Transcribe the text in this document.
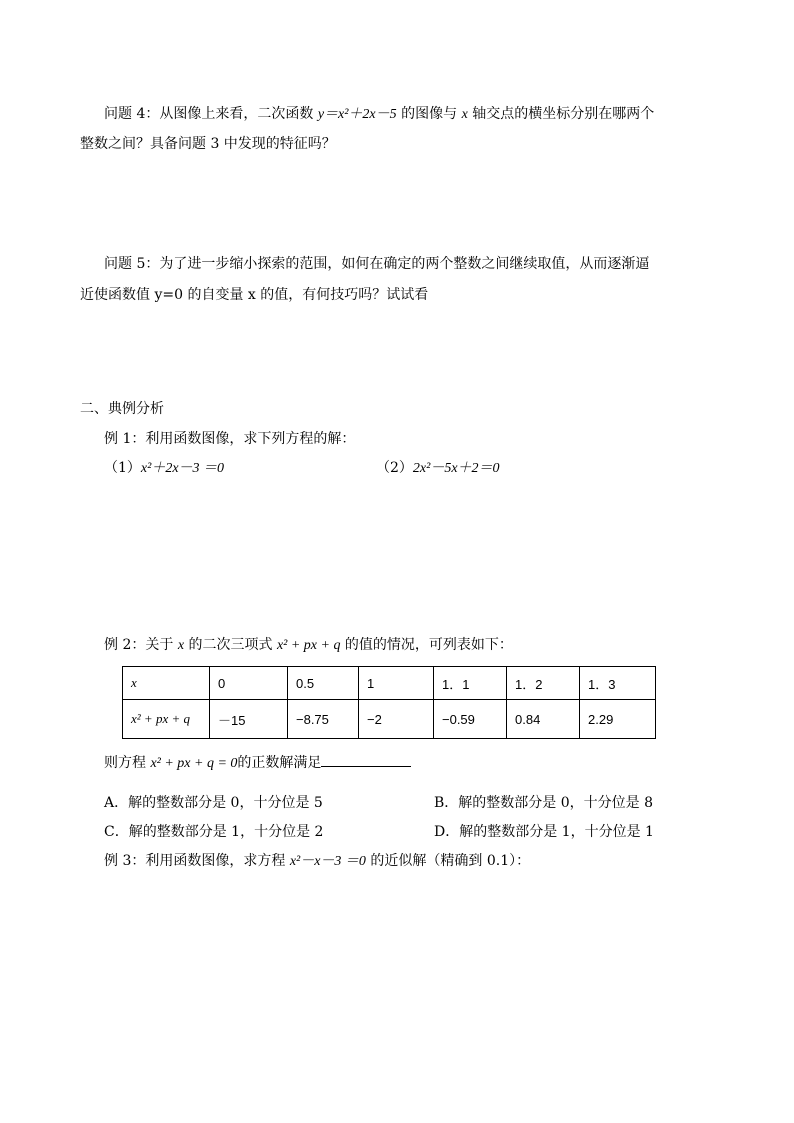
问题 4：从图像上来看，二次函数 y＝x²＋2x－5 的图像与 x 轴交点的横坐标分别在哪两个
整数之间？具备问题 3 中发现的特征吗？
问题 5：为了进一步缩小探索的范围，如何在确定的两个整数之间继续取值，从而逐渐逼
近使函数值 y=0 的自变量 x 的值，有何技巧吗？试试看
二、典例分析
例 1：利用函数图像，求下列方程的解：
（1）x²＋2x－3 ＝0	（2）2x²－5x＋2＝0
例 2：关于 x 的二次三项式 x² + px + q 的值的情况，可列表如下：
x	0	0.5	1	1．1	1．2	1．3
x² + px + q	－15	−8.75	−2	−0.59	0.84	2.29
则方程 x² + px + q = 0的正数解满足
A．解的整数部分是 0，十分位是 5	B．解的整数部分是 0，十分位是 8
C．解的整数部分是 1，十分位是 2	D．解的整数部分是 1，十分位是 1
例 3：利用函数图像，求方程 x²－x－3 ＝0 的近似解（精确到 0.1）：
